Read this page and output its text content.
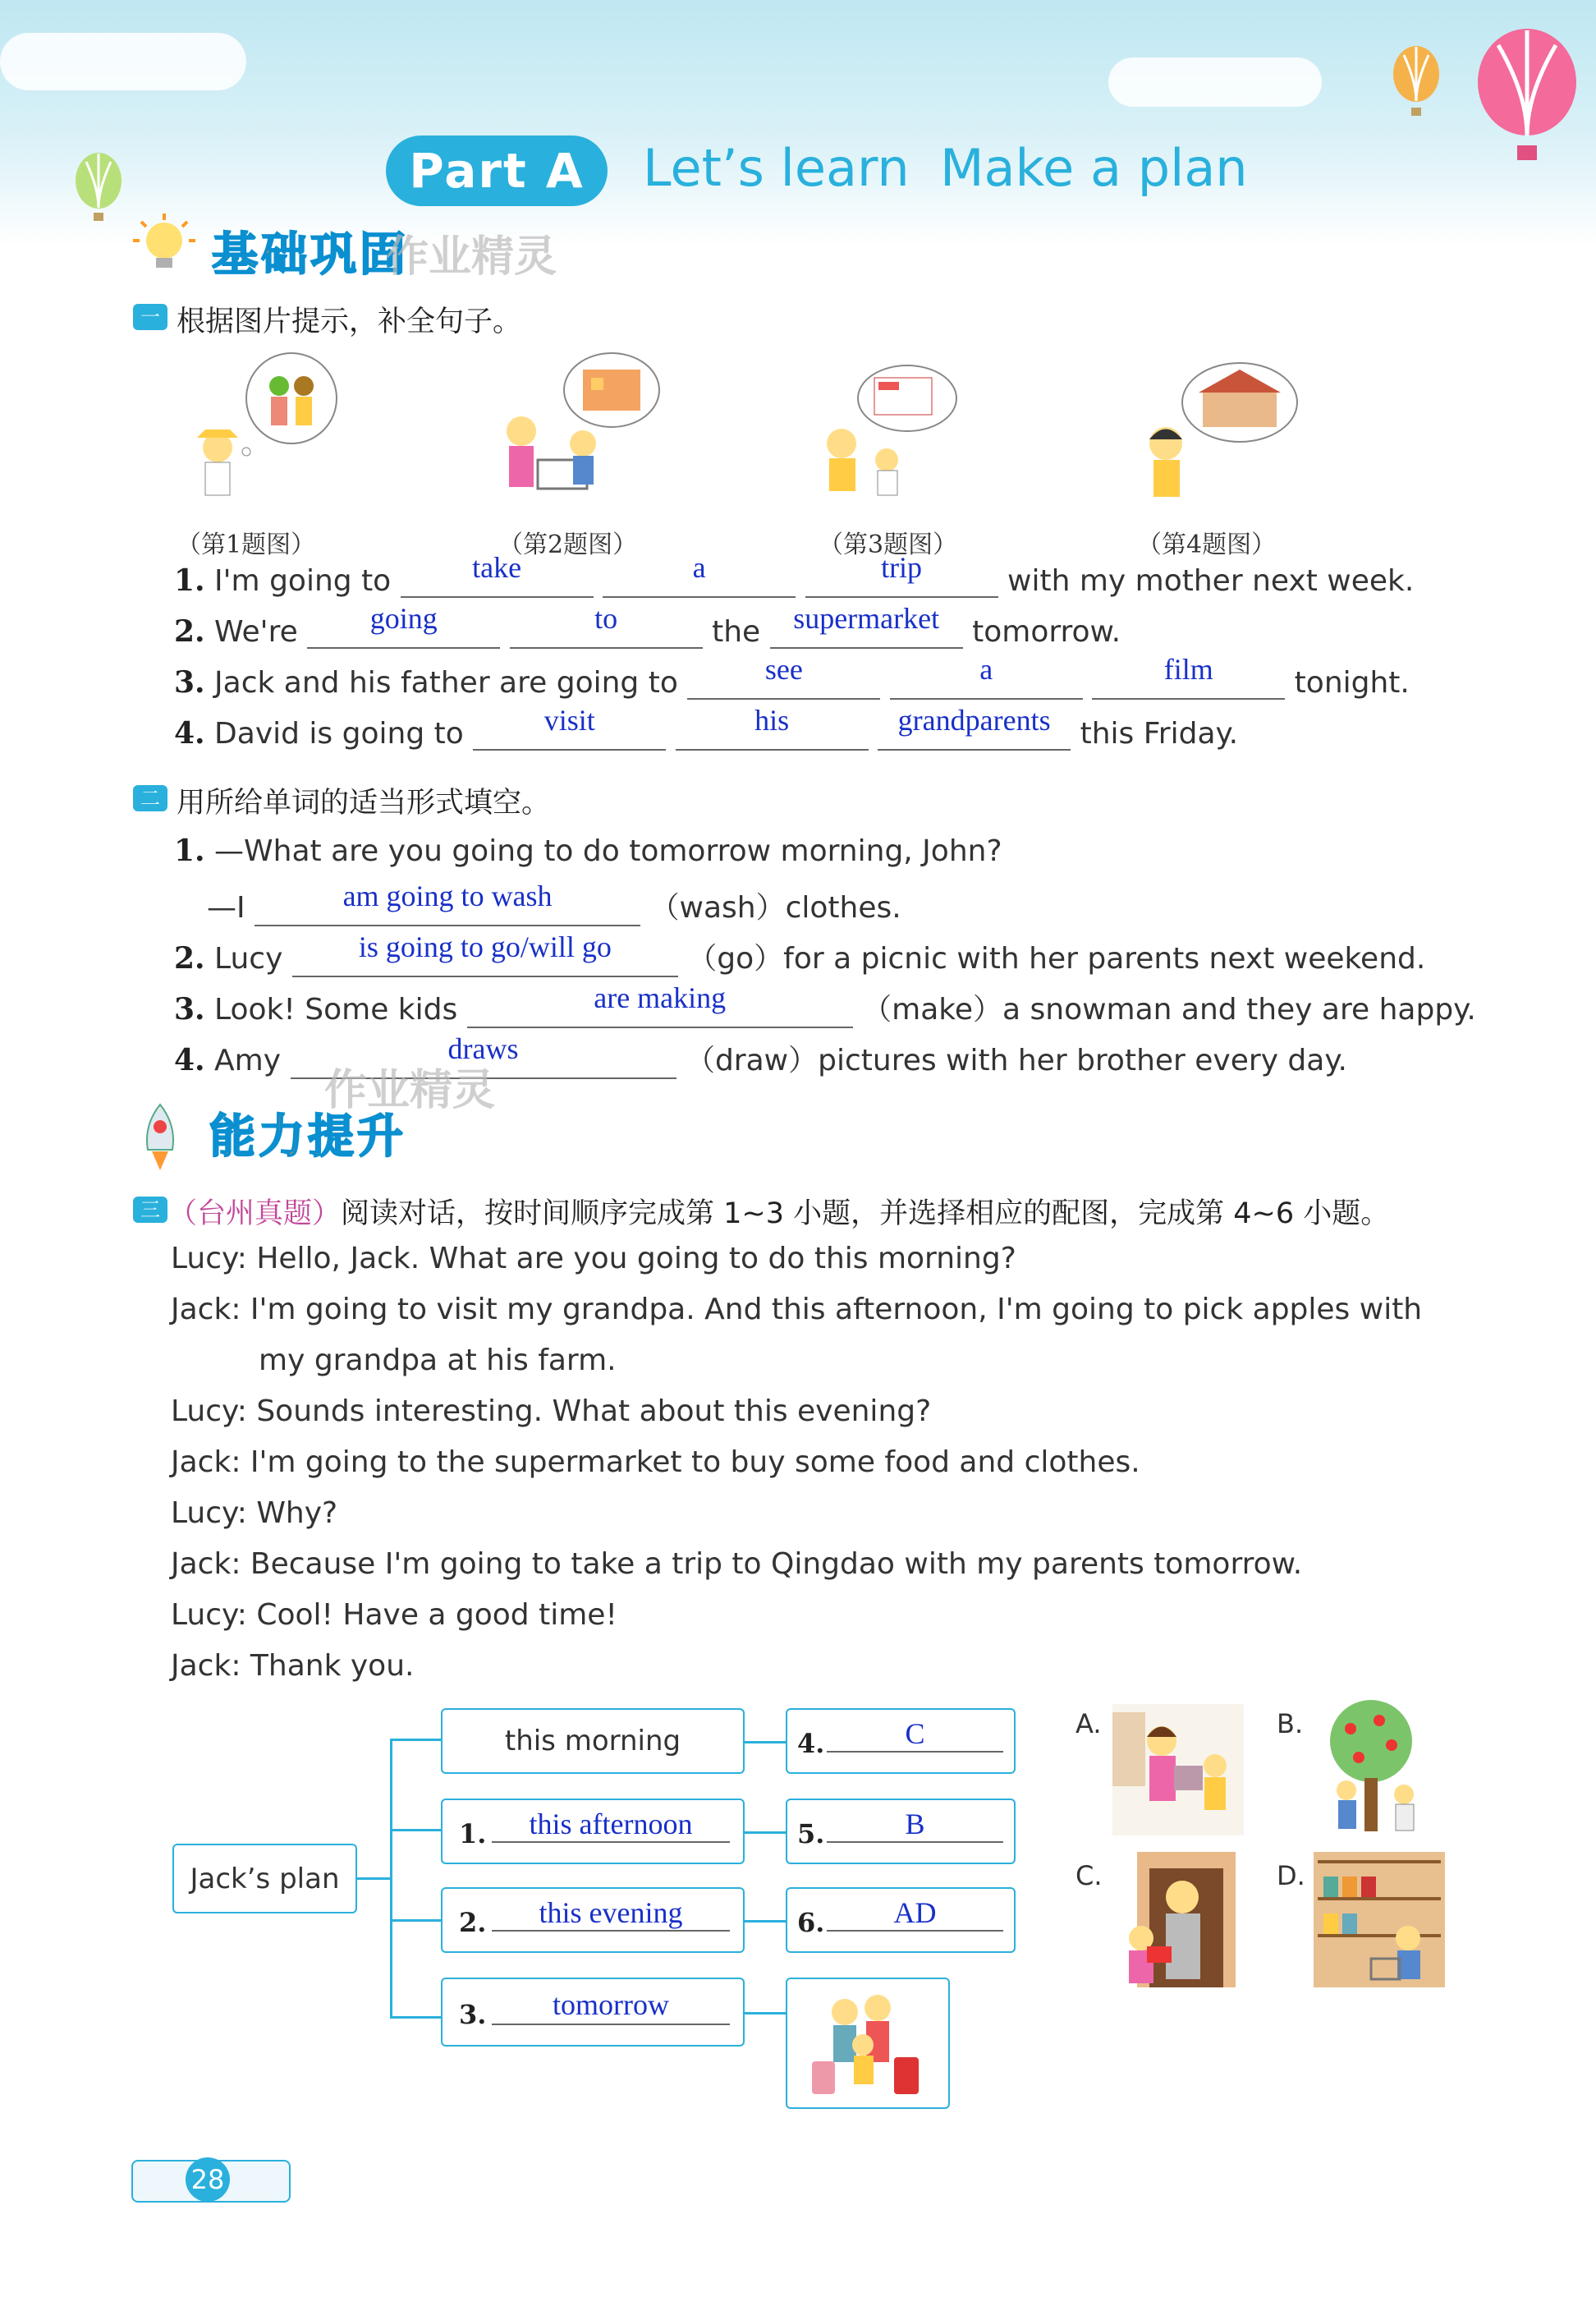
Part A	Let’s learn Make a plan
基础巩固
作业精灵
一 根据图片提示，补全句子。
（第1题图）	（第2题图）	（第3题图）	（第4题图）
1. I'm going to	take
	a
	trip	with my mother next week.
2. We're	going
	to	the	supermarket	tomorrow.
3. Jack and his father are going to	see
	a
	film	tonight.
4. David is going to	visit
	his
	grandparents this Friday.
二 用所给单词的适当形式填空。
1. —What are you going to do tomorrow morning, John?
—I	am going to wash	（wash）clothes.
2. Lucy	is going to go/will go	（go）for a picnic with her parents next weekend.
3. Look! Some kids	are making	（make）a snowman and they are happy.
4. Amy	draws	（draw）pictures with her brother every day.
作业精灵
能力提升
三 （台州真题）阅读对话，按时间顺序完成第 1~3 小题，并选择相应的配图，完成第 4~6 小题。
Lucy: Hello, Jack. What are you going to do this morning?
Jack: I'm going to visit my grandpa. And this afternoon, I'm going to pick apples with
my grandpa at his farm.
Lucy: Sounds interesting. What about this evening?
Jack: I'm going to the supermarket to buy some food and clothes.
Lucy: Why?
Jack: Because I'm going to take a trip to Qingdao with my parents tomorrow.
Lucy: Cool! Have a good time!
Jack: Thank you.
Jack’s plan
this morning
1.	this afternoon
2.	this evening
3.	tomorrow
4.	C
5.	B
6.	AD
A.	B.
C.	D.
28
